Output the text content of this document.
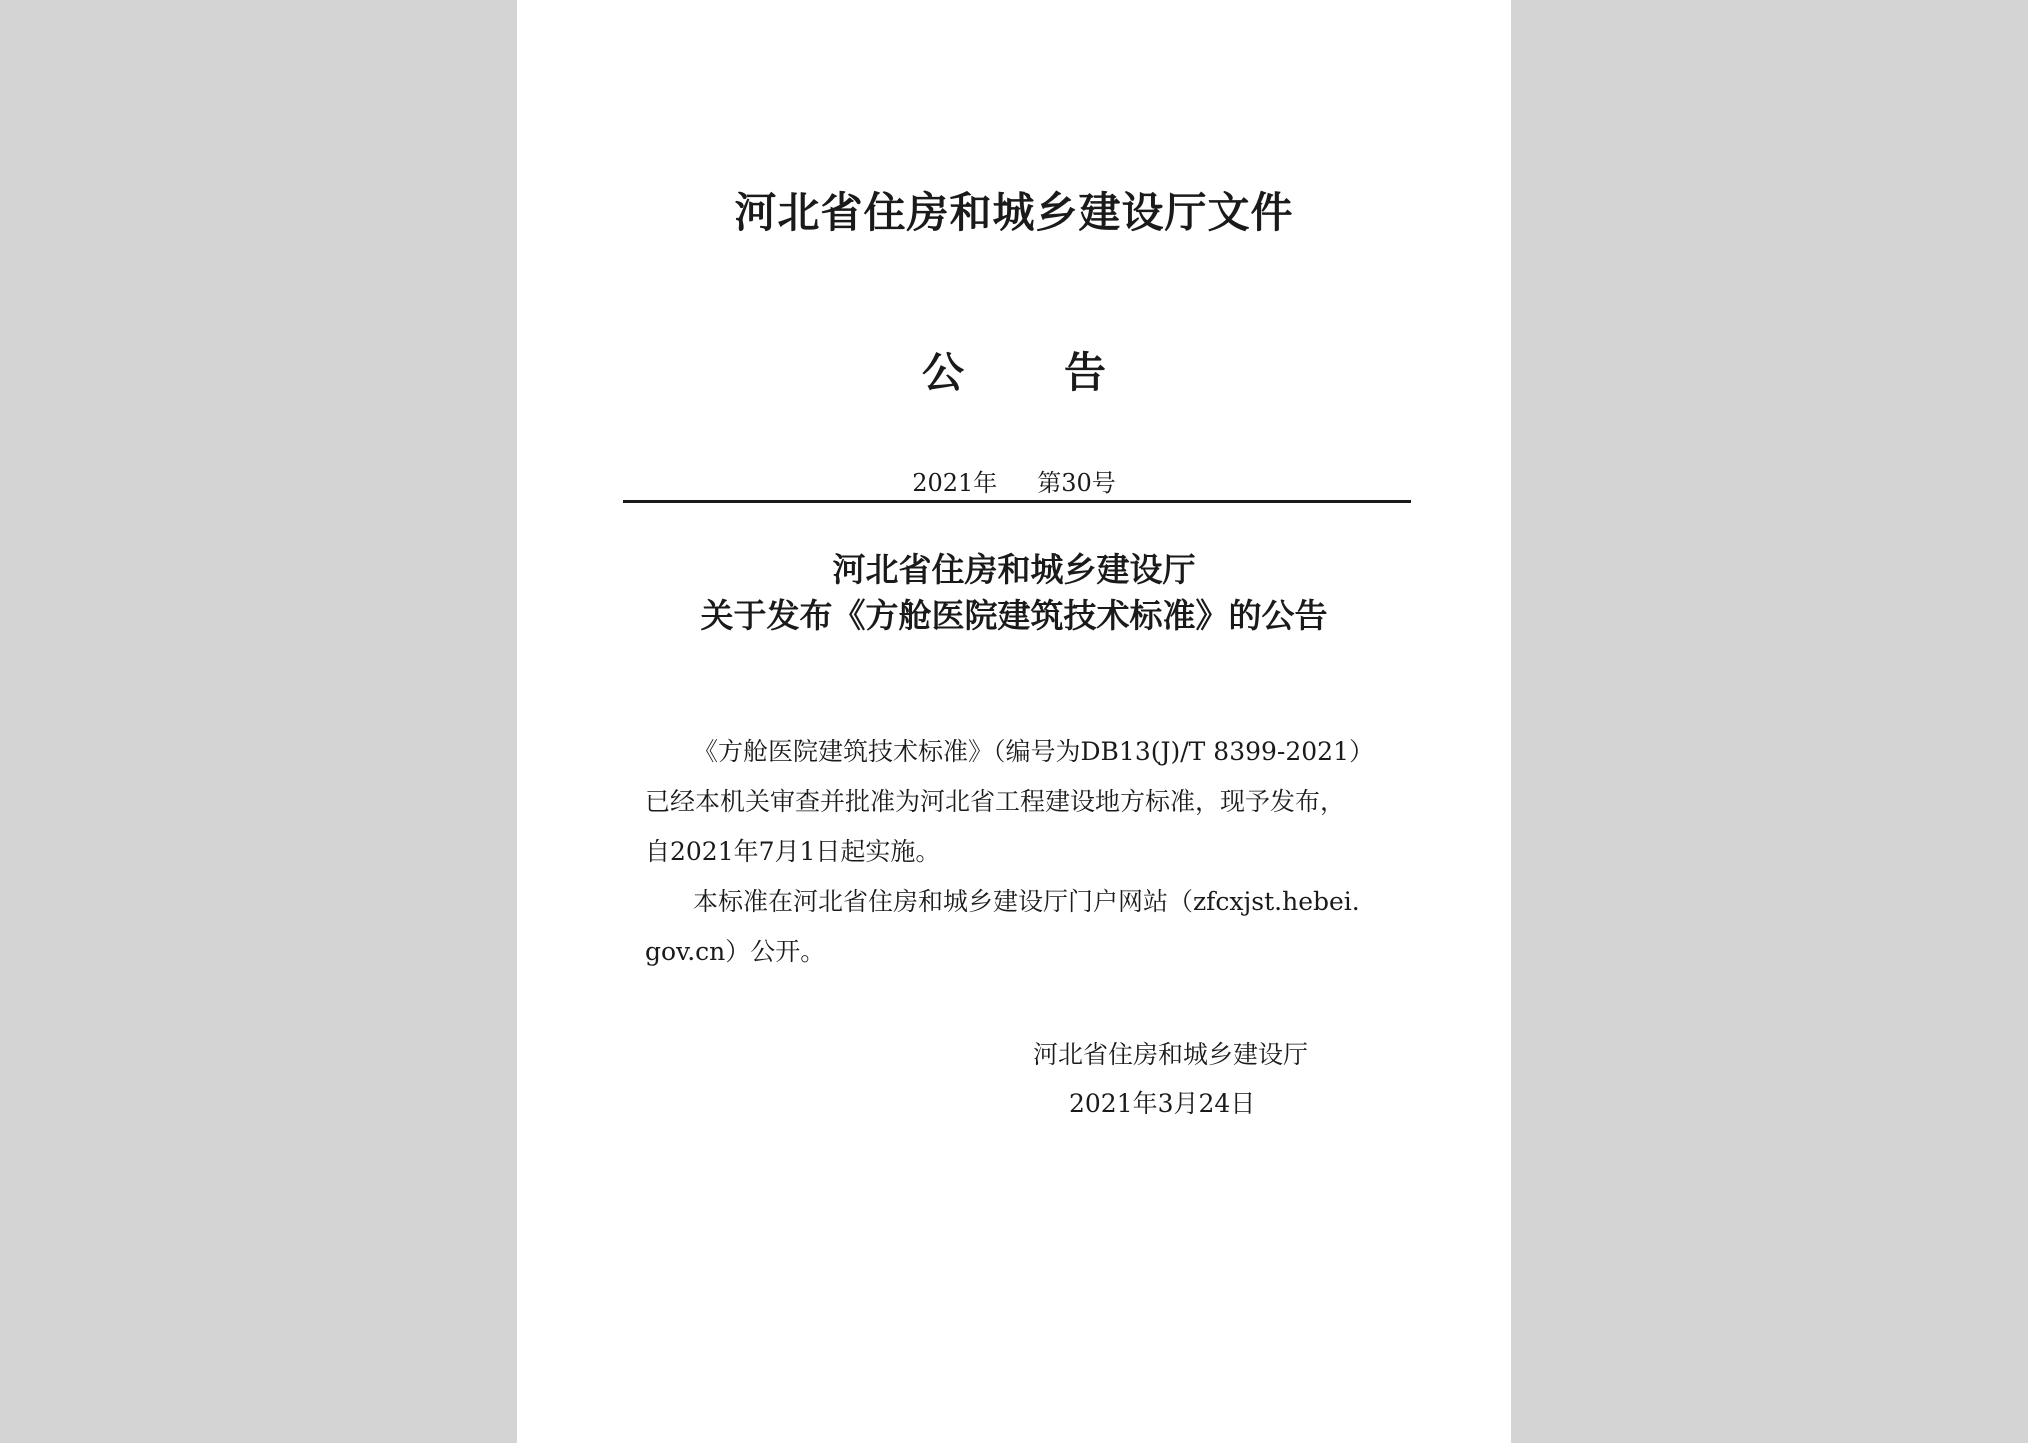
河北省住房和城乡建设厅文件
公告
2021年 第30号
河北省住房和城乡建设厅
关于发布《方舱医院建筑技术标准》的公告

《方舱医院建筑技术标准》（编号为DB13(J)/T 8399-2021）

已经本机关审查并批准为河北省工程建设地方标准，现予发布，

自2021年7月1日起实施。

本标准在河北省住房和城乡建设厅门户网站（zfcxjst.hebei.

gov.cn）公开。

河北省住房和城乡建设厅
2021年3月24日
